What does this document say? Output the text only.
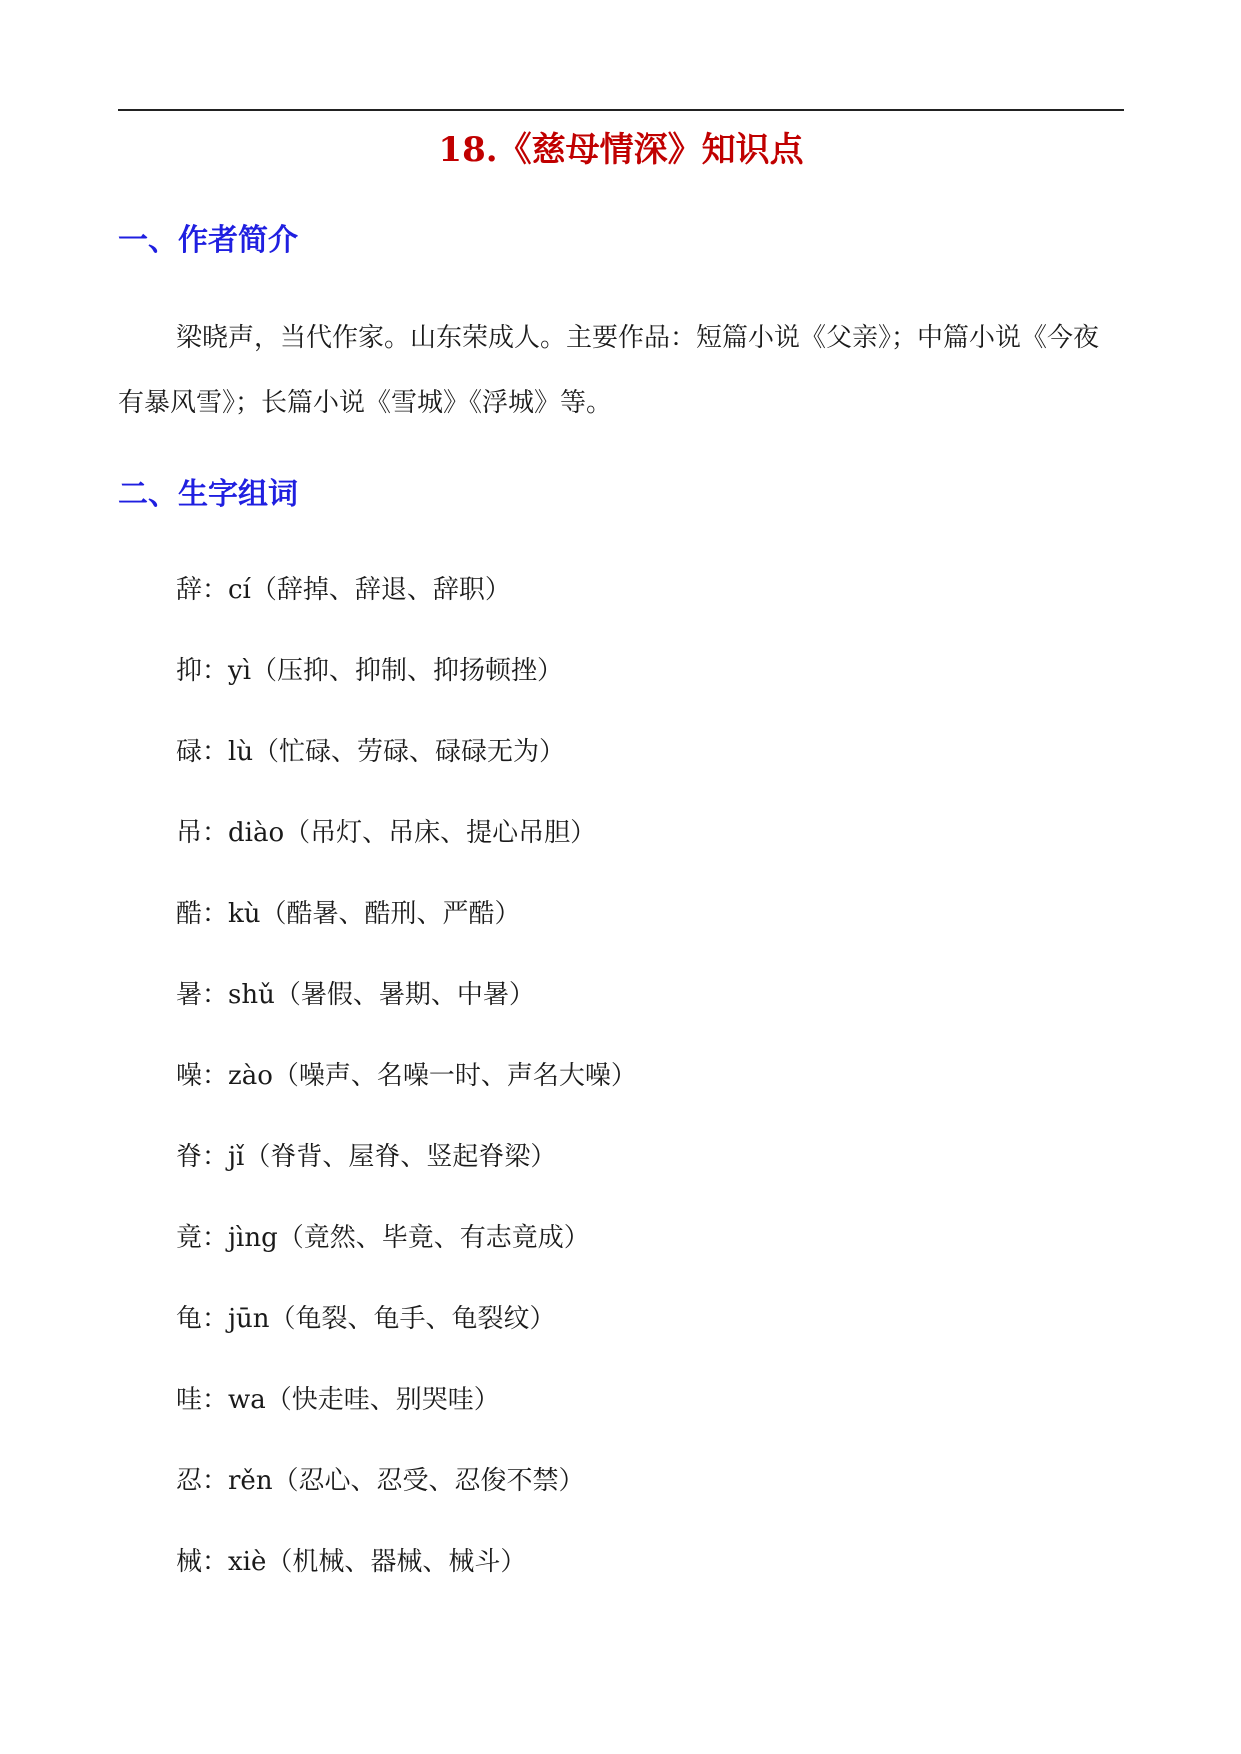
18.《慈母情深》知识点
一、作者简介

梁晓声，当代作家。山东荣成人。主要作品：短篇小说《父亲》；中篇小说《今夜有暴风雪》；长篇小说《雪城》《浮城》等。

二、生字组词
辞：cí（辞掉、辞退、辞职）
抑：yì（压抑、抑制、抑扬顿挫）
碌：lù（忙碌、劳碌、碌碌无为）
吊：diào（吊灯、吊床、提心吊胆）
酷：kù（酷暑、酷刑、严酷）
暑：shǔ（暑假、暑期、中暑）
噪：zào（噪声、名噪一时、声名大噪）
脊：jǐ（脊背、屋脊、竖起脊梁）
竟：jìng（竟然、毕竟、有志竟成）
龟：jūn（龟裂、龟手、龟裂纹）
哇：wa（快走哇、别哭哇）
忍：rěn（忍心、忍受、忍俊不禁）
械：xiè（机械、器械、械斗）
